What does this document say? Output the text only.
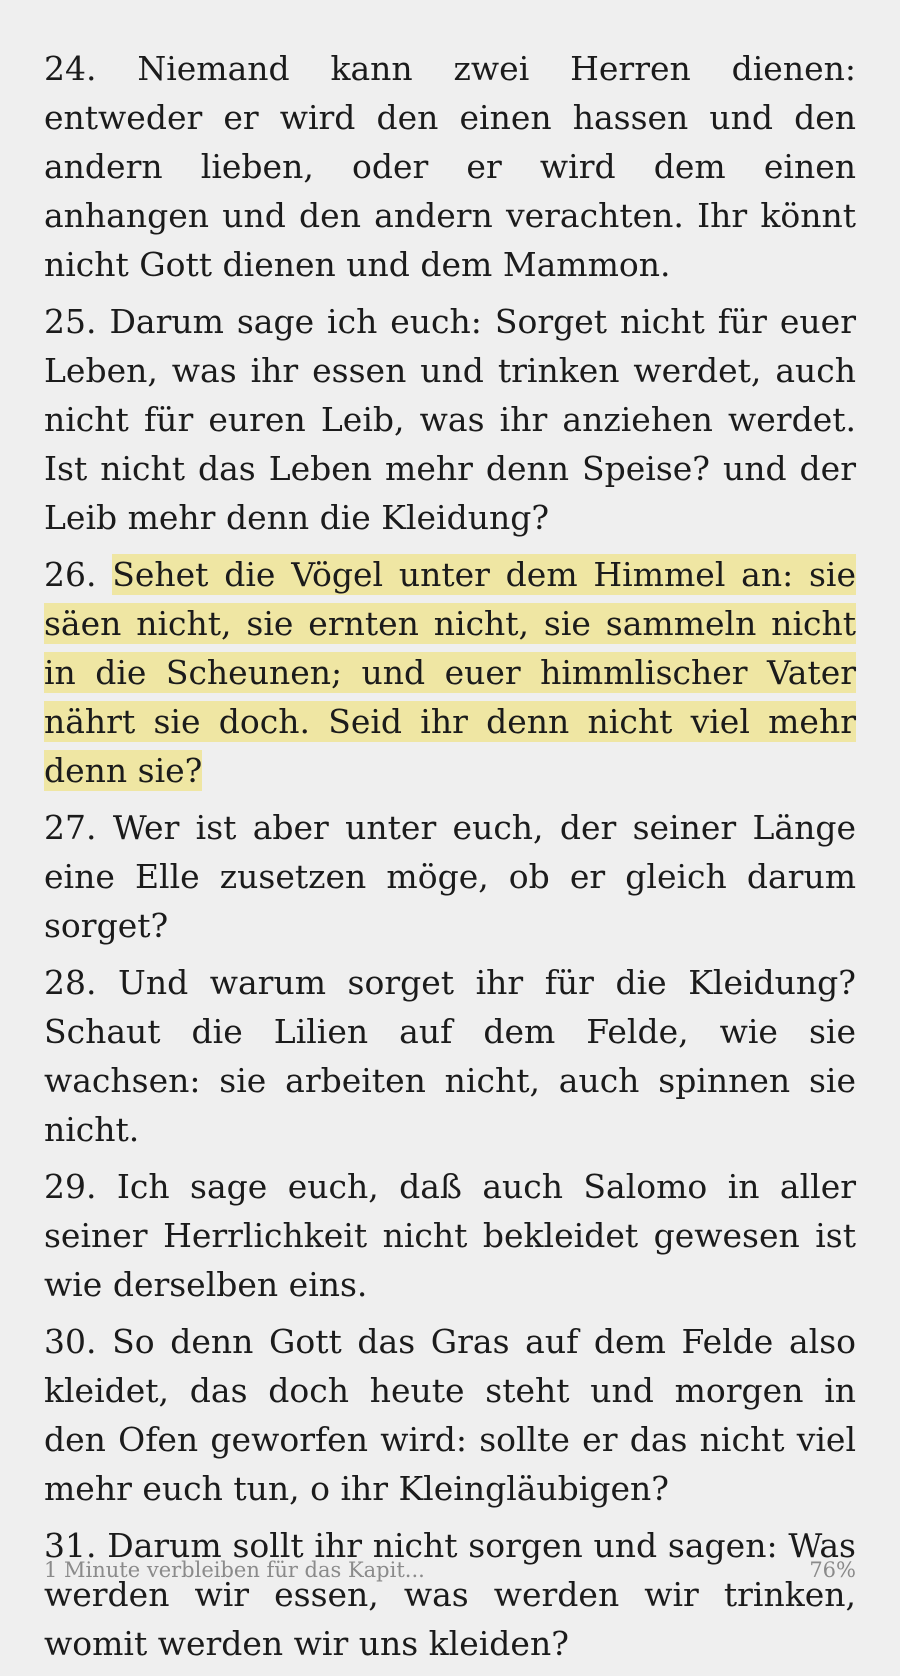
24. Niemand kann zwei Herren dienen: entweder er wird den einen hassen und den andern lieben, oder er wird dem einen anhangen und den andern verachten. Ihr könnt nicht Gott dienen und dem Mammon.

25. Darum sage ich euch: Sorget nicht für euer Leben, was ihr essen und trinken werdet, auch nicht für euren Leib, was ihr anziehen werdet. Ist nicht das Leben mehr denn Speise? und der Leib mehr denn die Kleidung?

26. Sehet die Vögel unter dem Himmel an: sie säen nicht, sie ernten nicht, sie sammeln nicht in die Scheunen; und euer himmlischer Vater nährt sie doch. Seid ihr denn nicht viel mehr denn sie?

27. Wer ist aber unter euch, der seiner Länge eine Elle zusetzen möge, ob er gleich darum sorget?

28. Und warum sorget ihr für die Kleidung? Schaut die Lilien auf dem Felde, wie sie wachsen: sie arbeiten nicht, auch spinnen sie nicht.

29. Ich sage euch, daß auch Salomo in aller seiner Herrlichkeit nicht bekleidet gewesen ist wie derselben eins.

30. So denn Gott das Gras auf dem Felde also kleidet, das doch heute steht und morgen in den Ofen geworfen wird: sollte er das nicht viel mehr euch tun, o ihr Kleingläubigen?

31. Darum sollt ihr nicht sorgen und sagen: Was werden wir essen, was werden wir trinken, womit werden wir uns kleiden?

1 Minute verbleiben für das Kapit...	76%
